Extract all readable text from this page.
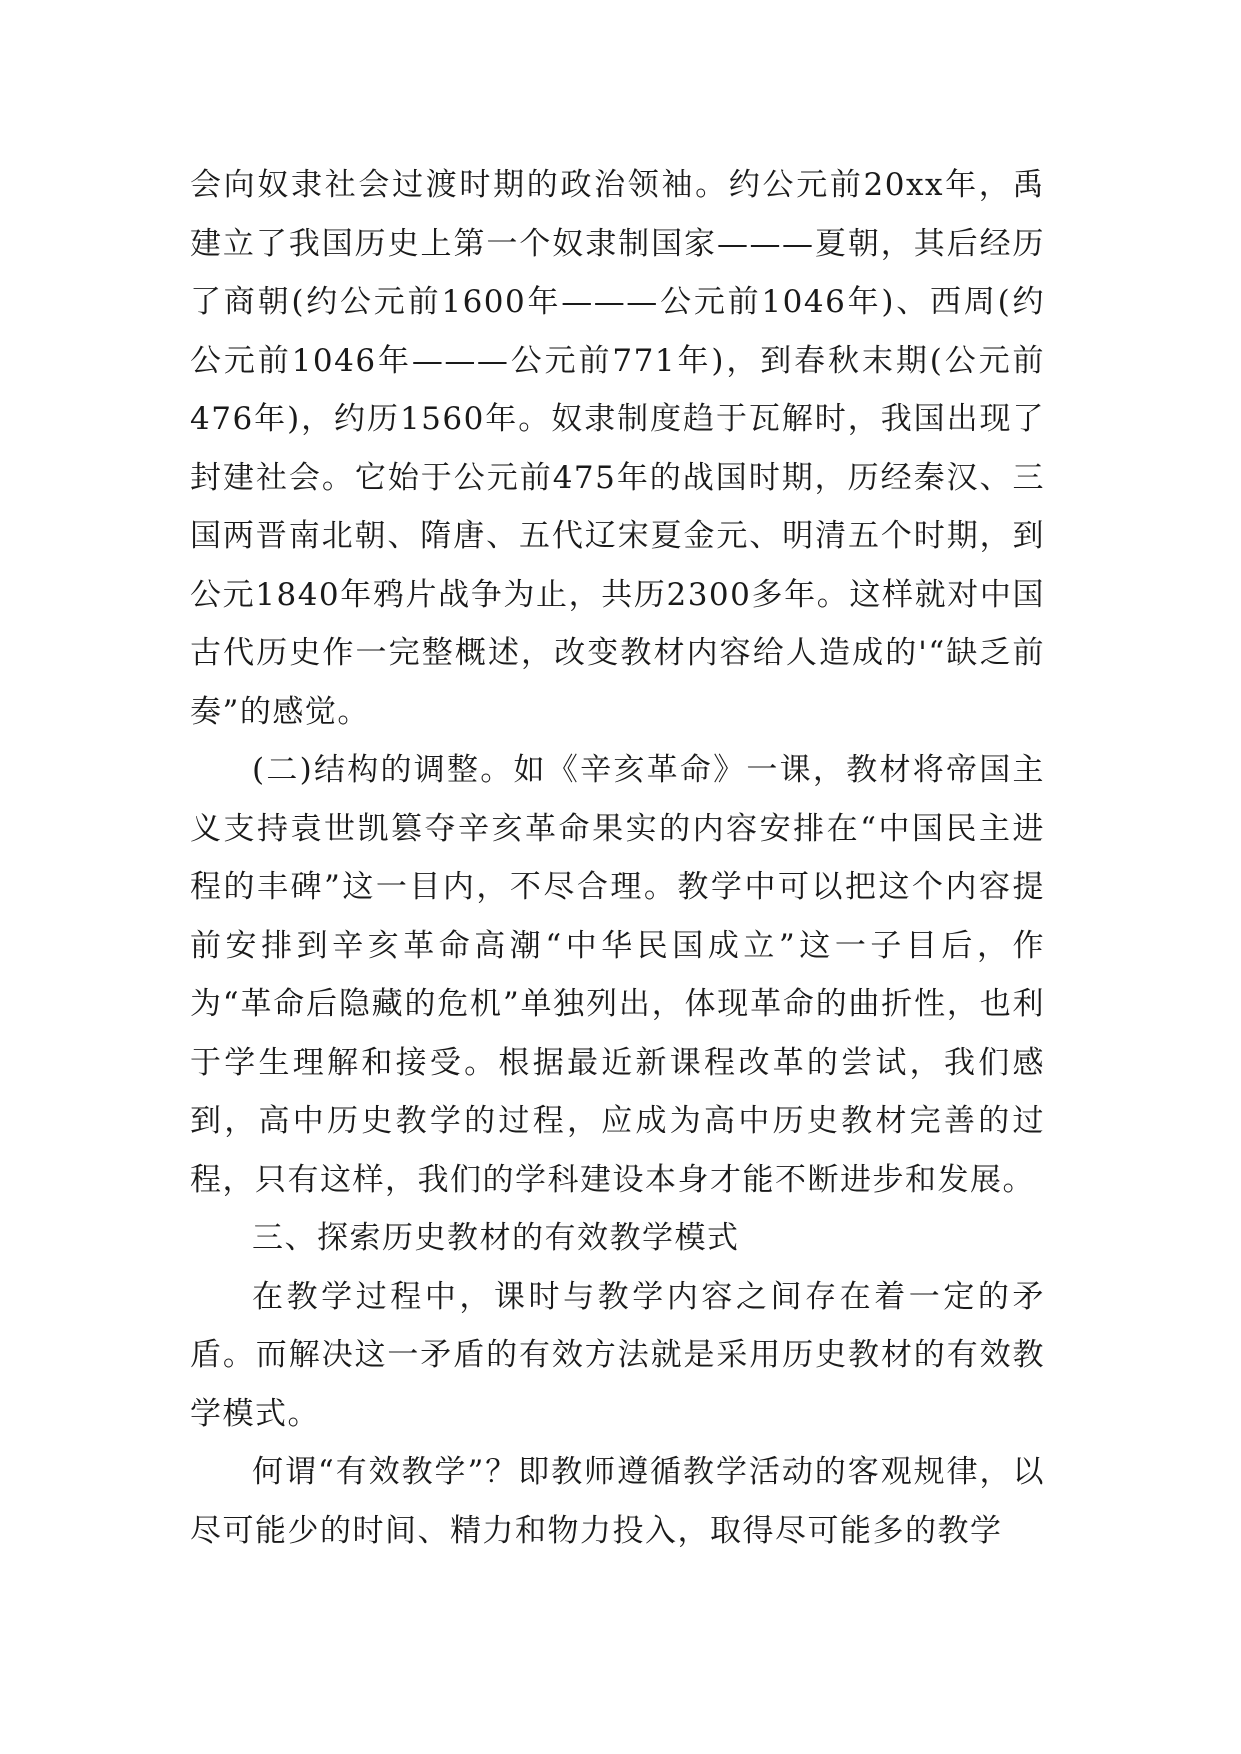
会向奴隶社会过渡时期的政治领袖。约公元前20xx年，禹建立了我国历史上第一个奴隶制国家———夏朝，其后经历了商朝(约公元前1600年———公元前1046年)、西周(约公元前1046年———公元前771年)，到春秋末期(公元前476年)，约历1560年。奴隶制度趋于瓦解时，我国出现了封建社会。它始于公元前475年的战国时期，历经秦汉、三国两晋南北朝、隋唐、五代辽宋夏金元、明清五个时期，到公元1840年鸦片战争为止，共历2300多年。这样就对中国古代历史作一完整概述，改变教材内容给人造成的'“缺乏前奏”的感觉。

(二)结构的调整。如《辛亥革命》一课，教材将帝国主义支持袁世凯篡夺辛亥革命果实的内容安排在“中国民主进程的丰碑”这一目内，不尽合理。教学中可以把这个内容提前安排到辛亥革命高潮“中华民国成立”这一子目后，作为“革命后隐藏的危机”单独列出，体现革命的曲折性，也利于学生理解和接受。根据最近新课程改革的尝试，我们感到，高中历史教学的过程，应成为高中历史教材完善的过程，只有这样，我们的学科建设本身才能不断进步和发展。

三、探索历史教材的有效教学模式

在教学过程中，课时与教学内容之间存在着一定的矛盾。而解决这一矛盾的有效方法就是采用历史教材的有效教学模式。

何谓“有效教学”？即教师遵循教学活动的客观规律，以尽可能少的时间、精力和物力投入，取得尽可能多的教学
